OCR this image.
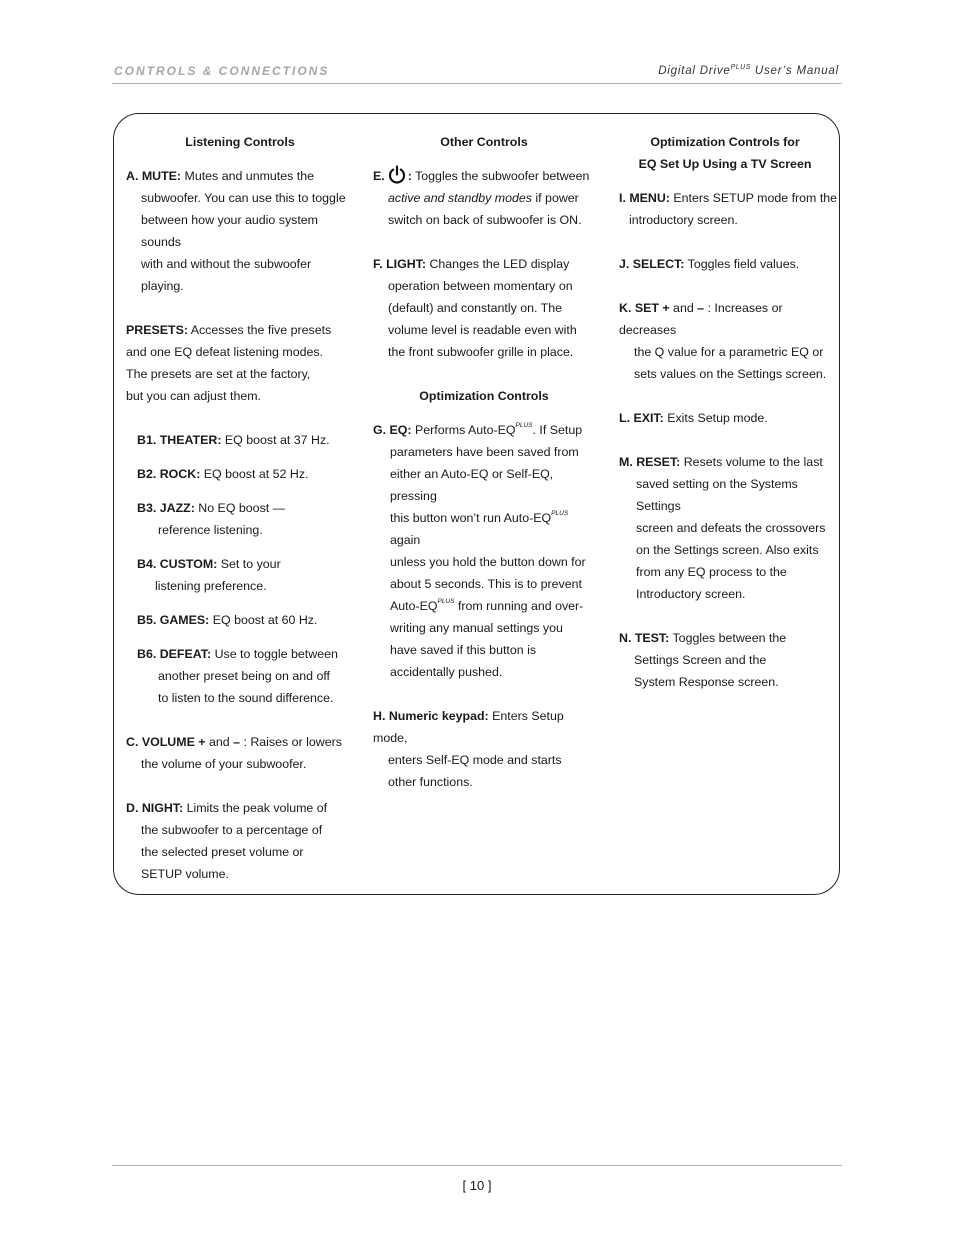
CONTROLS & CONNECTIONS	Digital Drive$^{PLUS}$ User’s Manual

Listening Controls

A. MUTE: Mutes and unmutes the

subwoofer. You can use this to toggle

between how your audio system sounds

with and without the subwoofer playing.

PRESETS: Accesses the five presets

and one EQ defeat listening modes.

The presets are set at the factory,

but you can adjust them.

B1. THEATER: EQ boost at 37 Hz.

B2. ROCK: EQ boost at 52 Hz.

B3. JAZZ: No EQ boost —

reference listening.

B4. CUSTOM: Set to your

listening preference.

B5. GAMES: EQ boost at 60 Hz.

B6. DEFEAT: Use to toggle between

another preset being on and off

to listen to the sound difference.

C. VOLUME + and – : Raises or lowers

the volume of your subwoofer.

D. NIGHT: Limits the peak volume of

the subwoofer to a percentage of

the selected preset volume or

SETUP volume.

Other Controls

E. : Toggles the subwoofer between

active and standby modes if power

switch on back of subwoofer is ON.

F. LIGHT: Changes the LED display

operation between momentary on

(default) and constantly on. The

volume level is readable even with

the front subwoofer grille in place.

Optimization Controls

G. EQ: Performs Auto-$EQ^{PLUS}$. If Setup

parameters have been saved from

either an Auto-EQ or Self-EQ, pressing

this button won’t run Auto-$EQ^{PLUS}$ again

unless you hold the button down for

about 5 seconds. This is to prevent

Auto-$EQ^{PLUS}$ from running and over-

writing any manual settings you

have saved if this button is

accidentally pushed.

H. Numeric keypad: Enters Setup mode,

enters Self-EQ mode and starts

other functions.

Optimization Controls for

EQ Set Up Using a TV Screen

I. MENU: Enters SETUP mode from the

introductory screen.

J. SELECT: Toggles field values.

K. SET + and – : Increases or decreases

the Q value for a parametric EQ or

sets values on the Settings screen.

L. EXIT: Exits Setup mode.

M. RESET: Resets volume to the last

saved setting on the Systems Settings

screen and defeats the crossovers

on the Settings screen. Also exits

from any EQ process to the

Introductory screen.

N. TEST: Toggles between the

Settings Screen and the

System Response screen.

[ 10 ]
